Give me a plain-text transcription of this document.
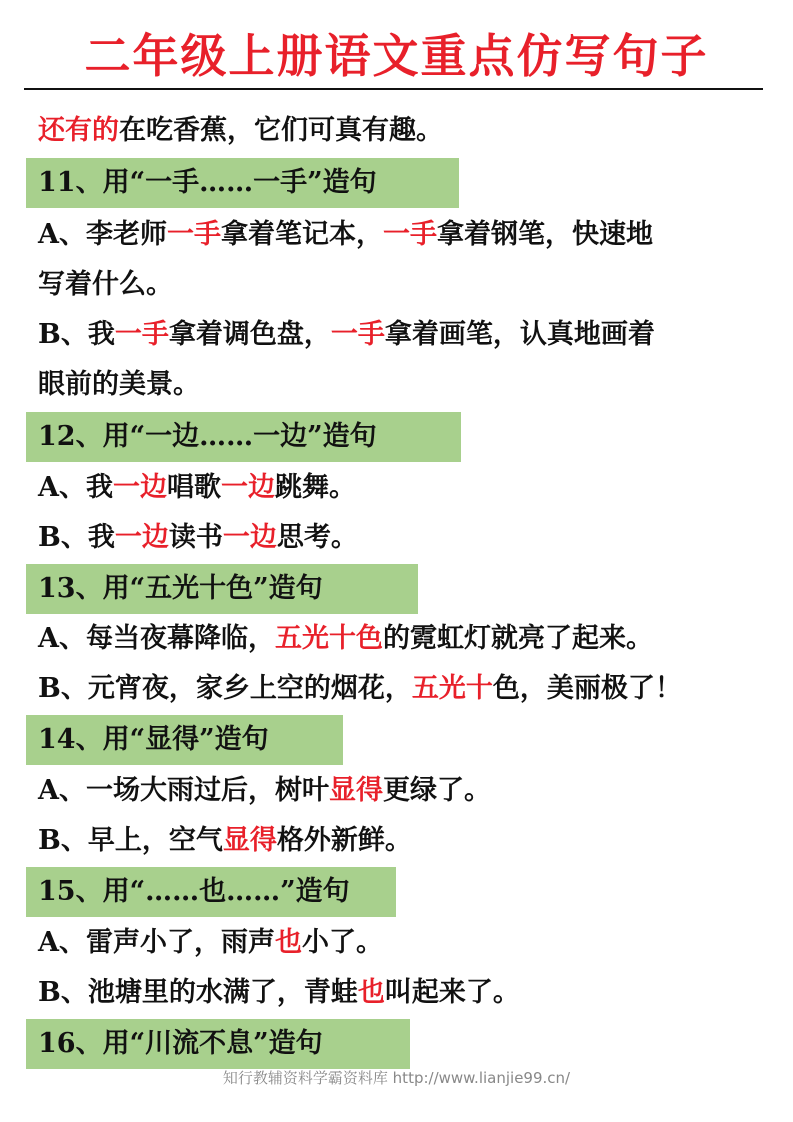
二年级上册语文重点仿写句子
还有的在吃香蕉，它们可真有趣。
11、用“一手……一手”造句
A、李老师一手拿着笔记本，一手拿着钢笔，快速地
写着什么。
B、我一手拿着调色盘，一手拿着画笔，认真地画着
眼前的美景。
12、用“一边……一边”造句
A、我一边唱歌一边跳舞。
B、我一边读书一边思考。
13、用“五光十色”造句
A、每当夜幕降临，五光十色的霓虹灯就亮了起来。
B、元宵夜，家乡上空的烟花，五光十色，美丽极了！
14、用“显得”造句
A、一场大雨过后，树叶显得更绿了。
B、早上，空气显得格外新鲜。
15、用“……也……”造句
A、雷声小了，雨声也小了。
B、池塘里的水满了，青蛙也叫起来了。
16、用“川流不息”造句
知行教辅资料学霸资料库 http://www.lianjie99.cn/
